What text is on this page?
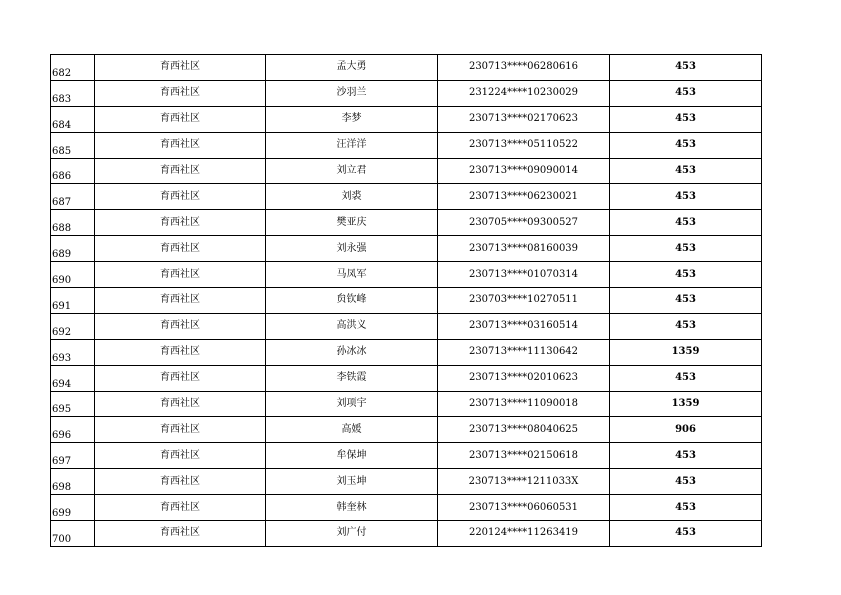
682	育西社区	孟大勇	230713****06280616	453
683	育西社区	沙羽兰	231224****10230029	453
684	育西社区	李梦	230713****02170623	453
685	育西社区	汪洋洋	230713****05110522	453
686	育西社区	刘立君	230713****09090014	453
687	育西社区	刘裘	230713****06230021	453
688	育西社区	樊亚庆	230705****09300527	453
689	育西社区	刘永强	230713****08160039	453
690	育西社区	马凤军	230713****01070314	453
691	育西社区	贠钦峰	230703****10270511	453
692	育西社区	高洪义	230713****03160514	453
693	育西社区	孙冰冰	230713****11130642	1359
694	育西社区	李铁霞	230713****02010623	453
695	育西社区	刘项宇	230713****11090018	1359
696	育西社区	高媛	230713****08040625	906
697	育西社区	牟保坤	230713****02150618	453
698	育西社区	刘玉坤	230713****1211033X	453
699	育西社区	韩奎林	230713****06060531	453
700	育西社区	刘广付	220124****11263419	453
